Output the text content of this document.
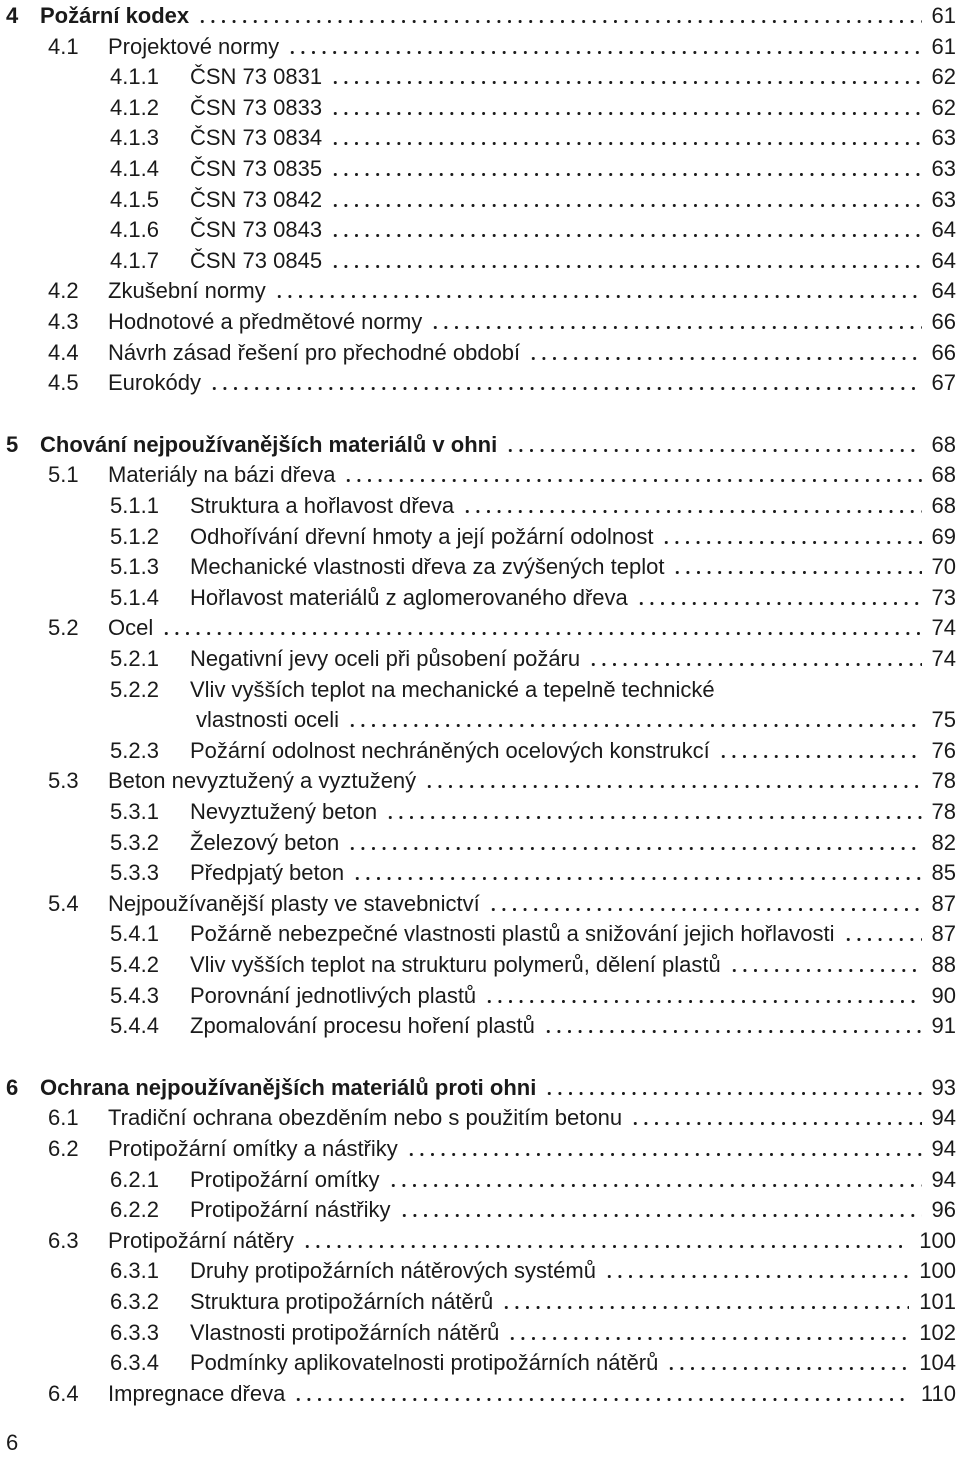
4 Požární kodex	61
4.1 Projektové normy	61
4.1.1 ČSN 73 0831	62
4.1.2 ČSN 73 0833	62
4.1.3 ČSN 73 0834	63
4.1.4 ČSN 73 0835	63
4.1.5 ČSN 73 0842	63
4.1.6 ČSN 73 0843	64
4.1.7 ČSN 73 0845	64
4.2 Zkušební normy	64
4.3 Hodnotové a předmětové normy	66
4.4 Návrh zásad řešení pro přechodné období	66
4.5 Eurokódy	67
5 Chování nejpoužívanějších materiálů v ohni	68
5.1 Materiály na bázi dřeva	68
5.1.1 Struktura a hořlavost dřeva	68
5.1.2 Odhořívání dřevní hmoty a její požární odolnost	69
5.1.3 Mechanické vlastnosti dřeva za zvýšených teplot	70
5.1.4 Hořlavost materiálů z aglomerovaného dřeva	73
5.2 Ocel	74
5.2.1 Negativní jevy oceli při působení požáru	74
5.2.2 Vliv vyšších teplot na mechanické a tepelně technické
vlastnosti oceli	75
5.2.3 Požární odolnost nechráněných ocelových konstrukcí	76
5.3 Beton nevyztužený a vyztužený	78
5.3.1 Nevyztužený beton	78
5.3.2 Železový beton	82
5.3.3 Předpjatý beton	85
5.4 Nejpoužívanější plasty ve stavebnictví	87
5.4.1 Požárně nebezpečné vlastnosti plastů a snižování jejich hořlavosti	87
5.4.2 Vliv vyšších teplot na strukturu polymerů, dělení plastů	88
5.4.3 Porovnání jednotlivých plastů	90
5.4.4 Zpomalování procesu hoření plastů	91
6 Ochrana nejpoužívanějších materiálů proti ohni	93
6.1 Tradiční ochrana obezděním nebo s použitím betonu	94
6.2 Protipožární omítky a nástřiky	94
6.2.1 Protipožární omítky	94
6.2.2 Protipožární nástřiky	96
6.3 Protipožární nátěry	100
6.3.1 Druhy protipožárních nátěrových systémů	100
6.3.2 Struktura protipožárních nátěrů	101
6.3.3 Vlastnosti protipožárních nátěrů	102
6.3.4 Podmínky aplikovatelnosti protipožárních nátěrů	104
6.4 Impregnace dřeva	110
6
